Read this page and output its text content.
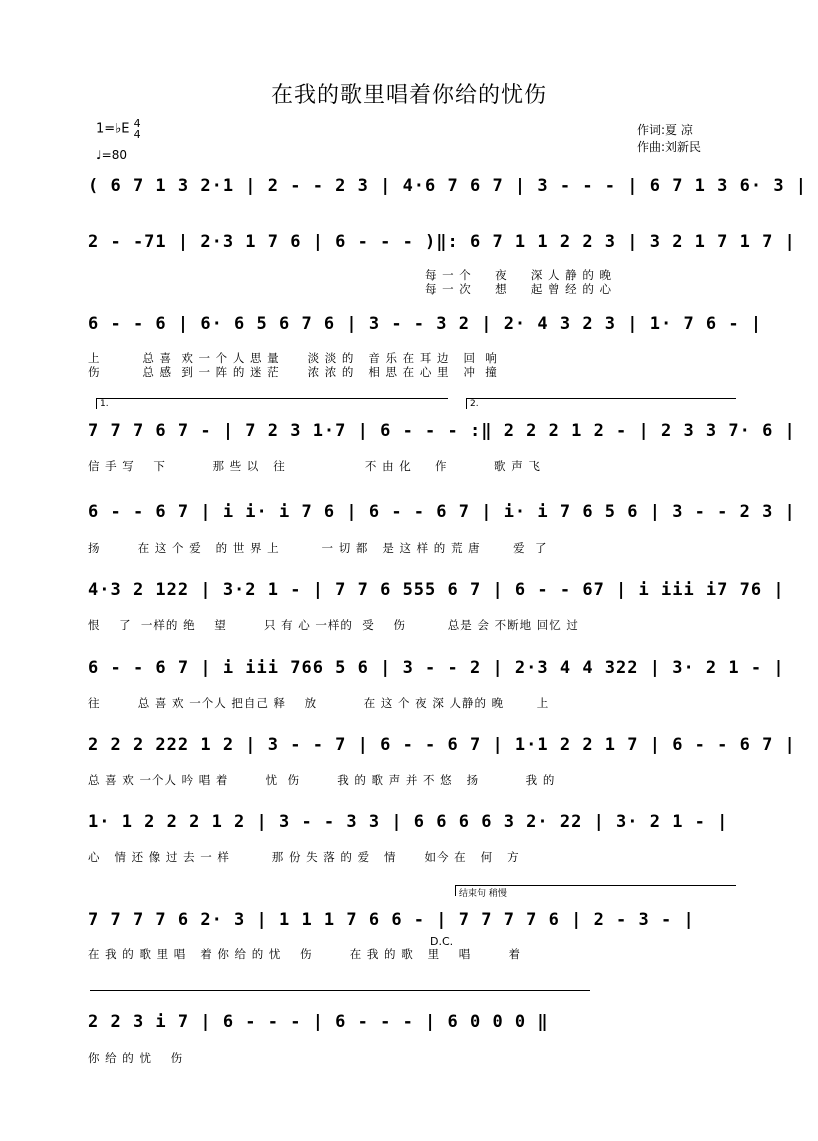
在我的歌里唱着你给的忧伤
1=♭E 4
4
♩=80
作词:夏 凉
作曲:刘新民
( 6 7 1 3 2·1 | 2 - - 2 3 | 4·6 7 6 7 | 3 - - - | 6 7 1 3 6· 3 |
2 - -71 | 2·3 1 7 6 | 6 - - - )‖: 6 7 1 1 2 2 3 | 3 2 1 7 1 7 |
每 一 个     夜     深 人 静 的 晚
每 一 次     想     起 曾 经 的 心
6 - - 6 | 6· 6 5 6 7 6 | 3 - - 3 2 | 2· 4 3 2 3 | 1· 7 6 - |
上         总 喜  欢 一 个 人 思 量      淡 淡 的   音 乐 在 耳 边   回  响
伤         总 感  到 一 阵 的 迷 茫      浓 浓 的   相 思 在 心 里   冲  撞
1.	2.
7 7 7 6 7 - | 7 2 3 1·7 | 6 - - - :‖ 2 2 2 1 2 - | 2 3 3 7· 6 |
信 手 写    下          那 些 以   往                 不 由 化     作          歌 声 飞
6 - - 6 7 | i i· i 7 6 | 6 - - 6 7 | i· i 7 6 5 6 | 3 - - 2 3 |
扬        在 这 个 爱   的 世 界 上         一 切 都   是 这 样 的 荒 唐       爱  了
4·3 2 122 | 3·2 1 - | 7 7 6 555 6 7 | 6 - - 67 | i iii i7 76 |
恨    了  一样的 绝    望        只 有 心 一样的  受    伤         总是 会 不断地 回忆 过
6 - - 6 7 | i iii 766 5 6 | 3 - - 2 | 2·3 4 4 322 | 3· 2 1 - |
往        总 喜 欢 一个人 把自己 释    放          在 这 个 夜 深 人静的 晚       上
2 2 2 222 1 2 | 3 - - 7 | 6 - - 6 7 | 1·1 2 2 1 7 | 6 - - 6 7 |
总 喜 欢 一个人 吟 唱 着        忧  伤        我 的 歌 声 并 不 悠   扬          我 的
1· 1 2 2 2 1 2 | 3 - - 3 3 | 6 6 6 6 3 2· 22 | 3· 2 1 - |
心   情 还 像 过 去 一 样         那 份 失 落 的 爱   情      如今 在   何   方
结束句 稍慢
7 7 7 7 6 2· 3 | 1 1 1 7 6 6 - | 7 7 7 7 6 | 2 - 3 - |
D.C.
在 我 的 歌 里 唱   着 你 给 的 忧    伤        在 我 的 歌   里    唱        着
2 2 3 i 7 | 6 - - - | 6 - - - | 6 0 0 0 ‖
你 给 的 忧    伤
